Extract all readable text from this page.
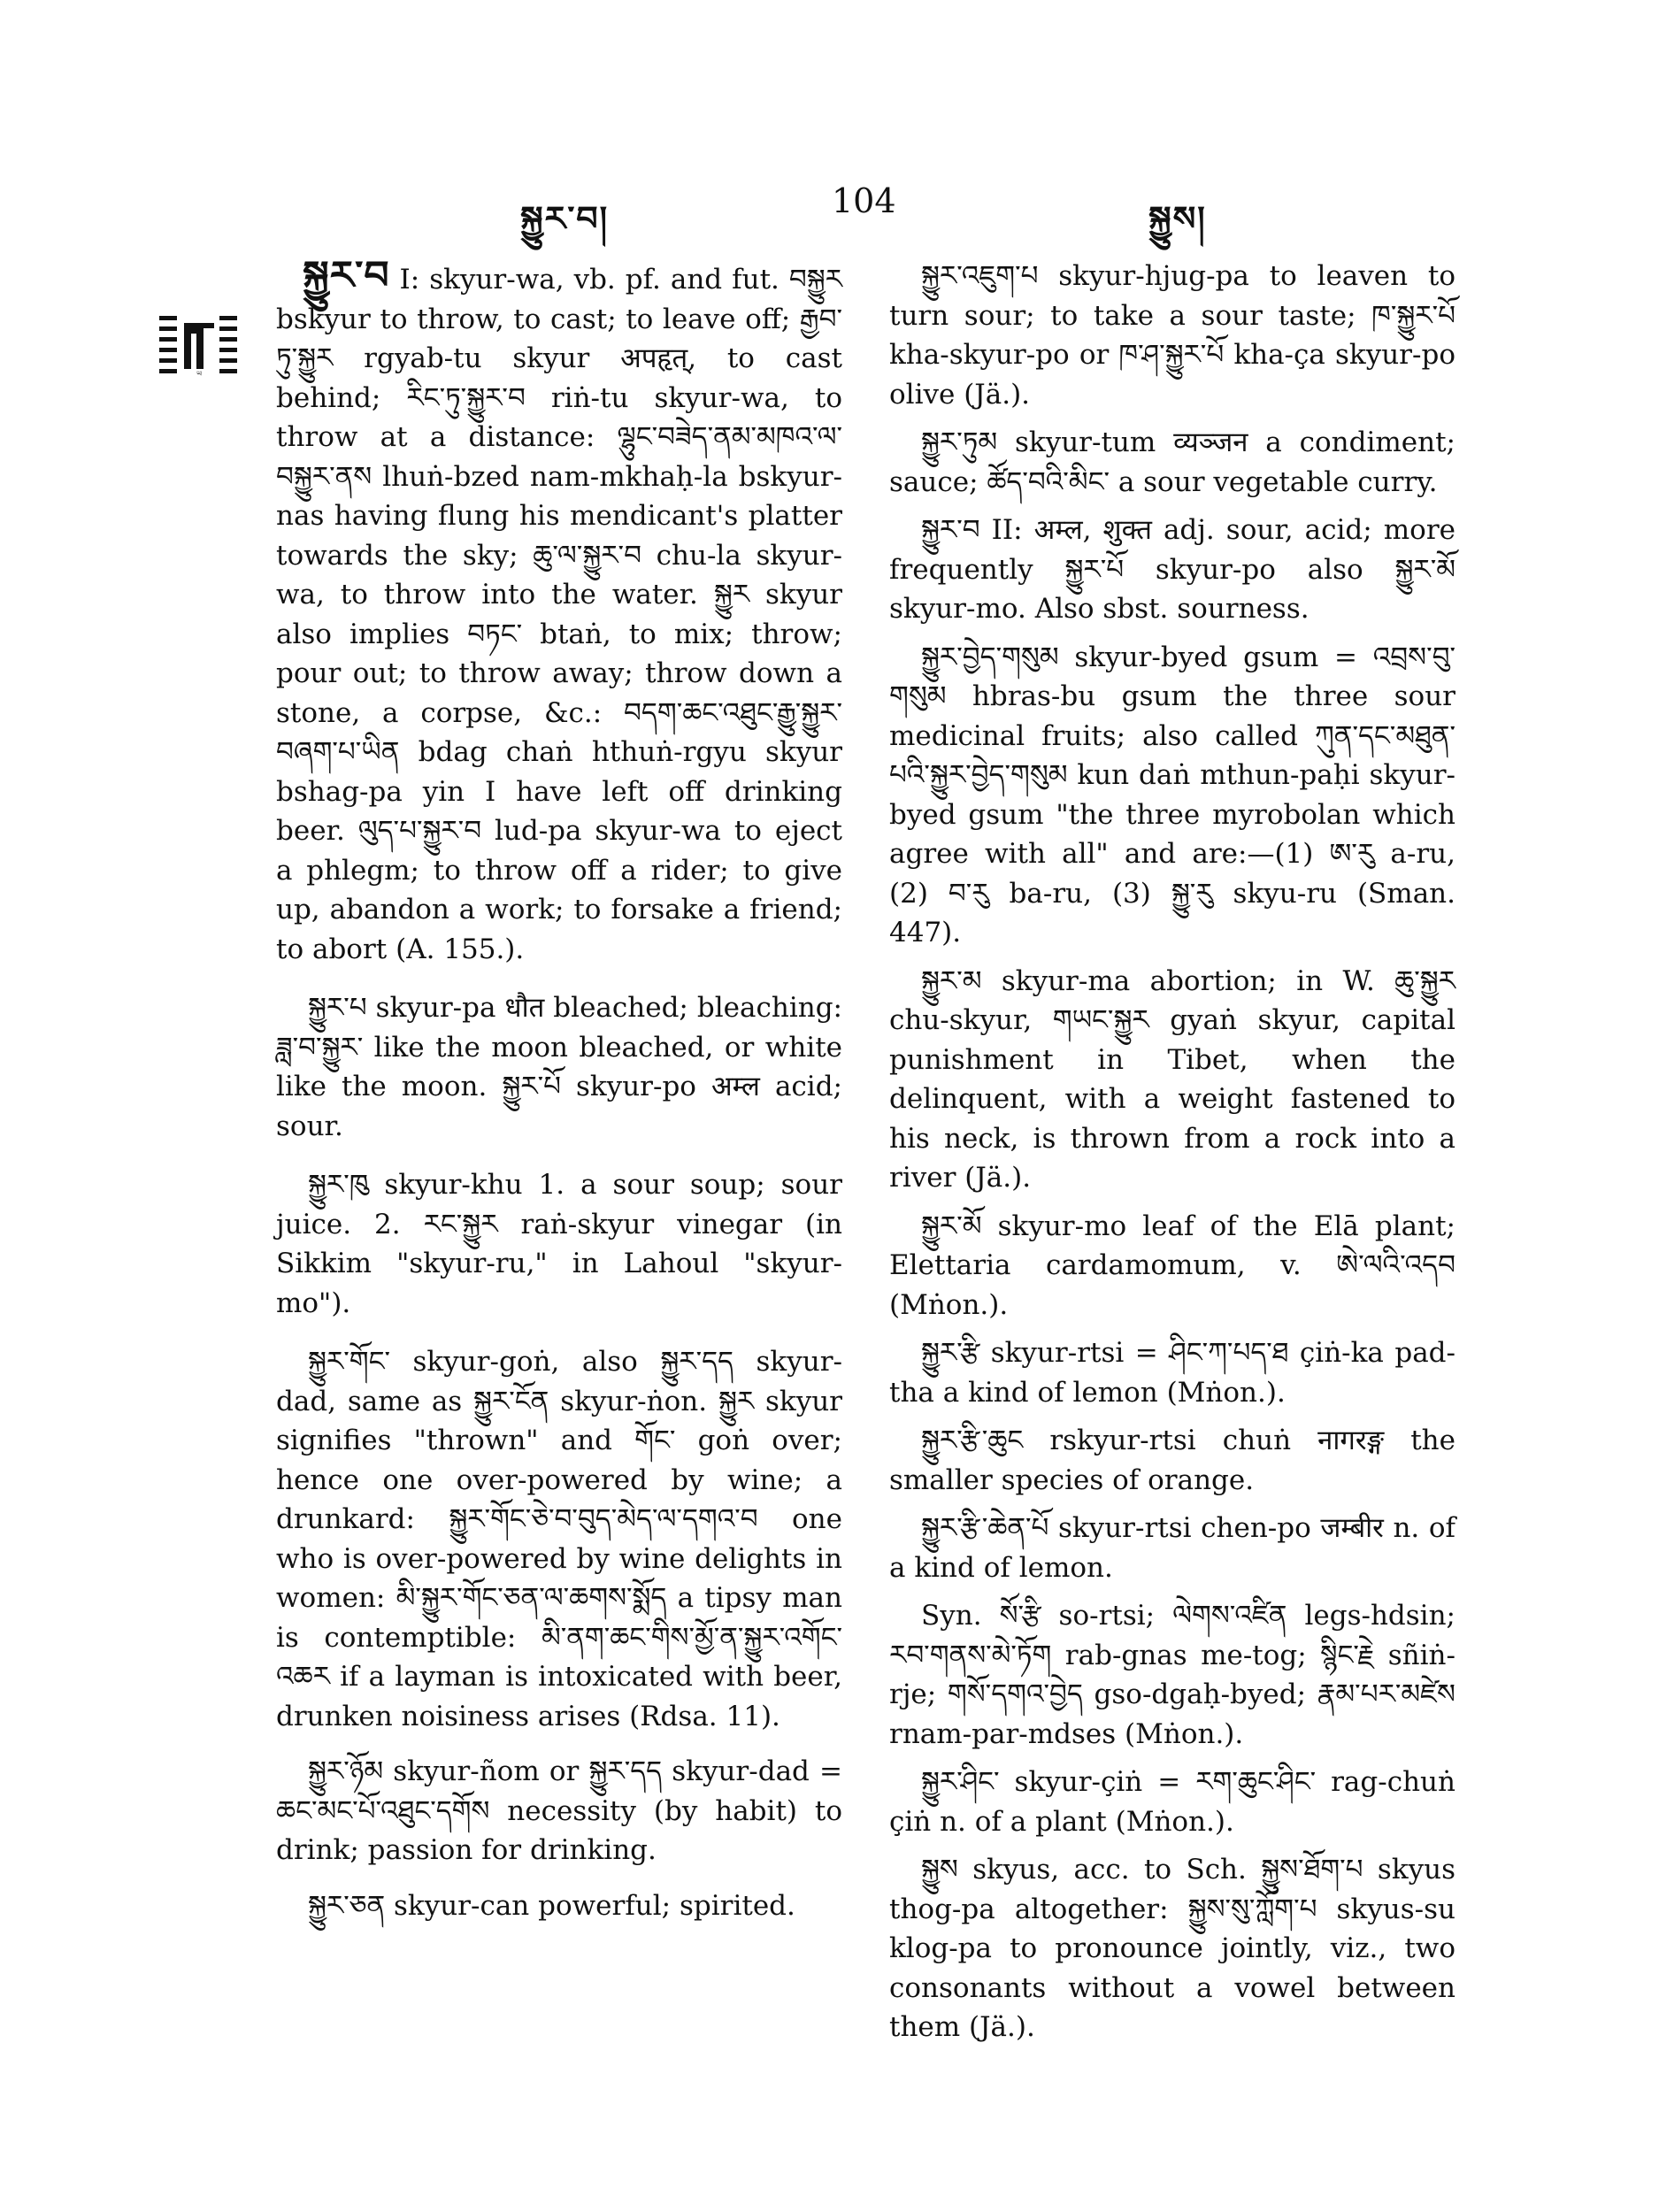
སྐྱུར་བ།	104	སྐྱུས།
ཡ

སྐྱུར་བ I: skyur-wa, vb. pf. and fut. བསྐྱུར bskyur to throw, to cast; to leave off; རྒྱབ་ཏུ་སྐྱུར rgyab-tu skyur अपहृत्, to cast behind; རིང་ཏུ་སྐྱུར་བ riṅ-tu skyur-wa, to throw at a distance: ལྷུང་བཟེད་ནམ་མཁའ་ལ་བསྐྱུར་ནས lhuṅ-bzed nam-mkhaḥ-la bskyur-nas having flung his mendicant's platter towards the sky; ཆུ་ལ་སྐྱུར་བ chu-la skyur-wa, to throw into the water. སྐྱུར skyur also implies བཏང་ btaṅ, to mix; throw; pour out; to throw away; throw down a stone, a corpse, &c.: བདག་ཆང་འཐུང་རྒྱུ་སྐྱུར་བཞག་པ་ཡིན bdag chaṅ hthuṅ-rgyu skyur bshag-pa yin I have left off drinking beer. ལུད་པ་སྐྱུར་བ lud-pa skyur-wa to eject a phlegm; to throw off a rider; to give up, abandon a work; to forsake a friend; to abort (A. 155.).

སྐྱུར་པ skyur-pa धौत bleached; bleaching: ཟླ་བ་སྐྱུར་ like the moon bleached, or white like the moon. སྐྱུར་པོ skyur-po अम्ल acid; sour.

སྐྱུར་ཁུ skyur-khu 1. a sour soup; sour juice. 2. རང་སྐྱུར raṅ-skyur vinegar (in Sikkim "skyur-ru," in Lahoul "skyur-mo").

སྐྱུར་གོང་ skyur-goṅ, also སྐྱུར་དད skyur-dad, same as སྐྱུར་ངོན skyur-ṅon. སྐྱུར skyur signifies "thrown" and གོང་ goṅ over; hence one over-powered by wine; a drunkard: སྐྱུར་གོང་ཅེ་བ་བུད་མེད་ལ་དགའ་བ one who is over-powered by wine delights in women: མི་སྐྱུར་གོང་ཅན་ལ་ཆགས་སྨོད a tipsy man is contemptible: མི་ནག་ཆང་གིས་མྱོ་ན་སྐྱུར་འགོང་འཆར if a layman is intoxicated with beer, drunken noisiness arises (Rdsa. 11).

སྐྱུར་ཉོམ skyur-ñom or སྐྱུར་དད skyur-dad = ཆང་མང་པོ་འཐུང་དགོས necessity (by habit) to drink; passion for drinking.

སྐྱུར་ཅན skyur-can powerful; spirited.

སྐྱུར་འཇུག་པ skyur-hjug-pa to leaven to turn sour; to take a sour taste; ཁ་སྐྱུར་པོ kha-skyur-po or ཁ་ཤ་སྐྱུར་པོ kha-ça skyur-po olive (Jä.).

སྐྱུར་ཏུམ skyur-tum व्यञ्जन a condiment; sauce; ཚོད་བའི་མིང་ a sour vegetable curry.

སྐྱུར་བ II: अम्ल, शुक्त adj. sour, acid; more frequently སྐྱུར་པོ skyur-po also སྐྱུར་མོ skyur-mo. Also sbst. sourness.

སྐྱུར་བྱེད་གསུམ skyur-byed gsum = འབྲས་བུ་གསུམ hbras-bu gsum the three sour medicinal fruits; also called ཀུན་དང་མཐུན་པའི་སྐྱུར་བྱེད་གསུམ kun daṅ mthun-paḥi skyur-byed gsum "the three myrobolan which agree with all" and are:—(1) ཨ་རུ a-ru, (2) བ་རུ ba-ru, (3) སྐྱུ་རུ skyu-ru (Sman. 447).

སྐྱུར་མ skyur-ma abortion; in W. ཆུ་སྐྱུར chu-skyur, གཡང་སྐྱུར gyaṅ skyur, capital punishment in Tibet, when the delinquent, with a weight fastened to his neck, is thrown from a rock into a river (Jä.).

སྐྱུར་མོ skyur-mo leaf of the Elā plant; Elettaria cardamomum, v. ཨེ་ལའི་འདབ (Mṅon.).

སྐྱུར་རྩི skyur-rtsi = ཤིང་ཀ་པད་ཐ çiṅ-ka pad-tha a kind of lemon (Mṅon.).

སྐྱུར་རྩི་ཆུང rskyur-rtsi chuṅ नागरङ्ग the smaller species of orange.

སྐྱུར་རྩི་ཆེན་པོ skyur-rtsi chen-po जम्बीर n. of a kind of lemon.

Syn. སོ་རྩི so-rtsi; ལེགས་འཛིན legs-hdsin; རབ་གནས་མེ་ཏོག rab-gnas me-tog; སྙིང་རྗེ sñiṅ-rje; གསོ་དགའ་བྱེད gso-dgaḥ-byed; རྣམ་པར་མཛེས rnam-par-mdses (Mṅon.).

སྐྱུར་ཤིང་ skyur-çiṅ = རག་ཆུང་ཤིང་ rag-chuṅ çiṅ n. of a plant (Mṅon.).

སྐྱུས skyus, acc. to Sch. སྐྱུས་ཐོག་པ skyus thog-pa altogether: སྐྱུས་སུ་ཀློག་པ skyus-su klog-pa to pronounce jointly, viz., two consonants without a vowel between them (Jä.).
